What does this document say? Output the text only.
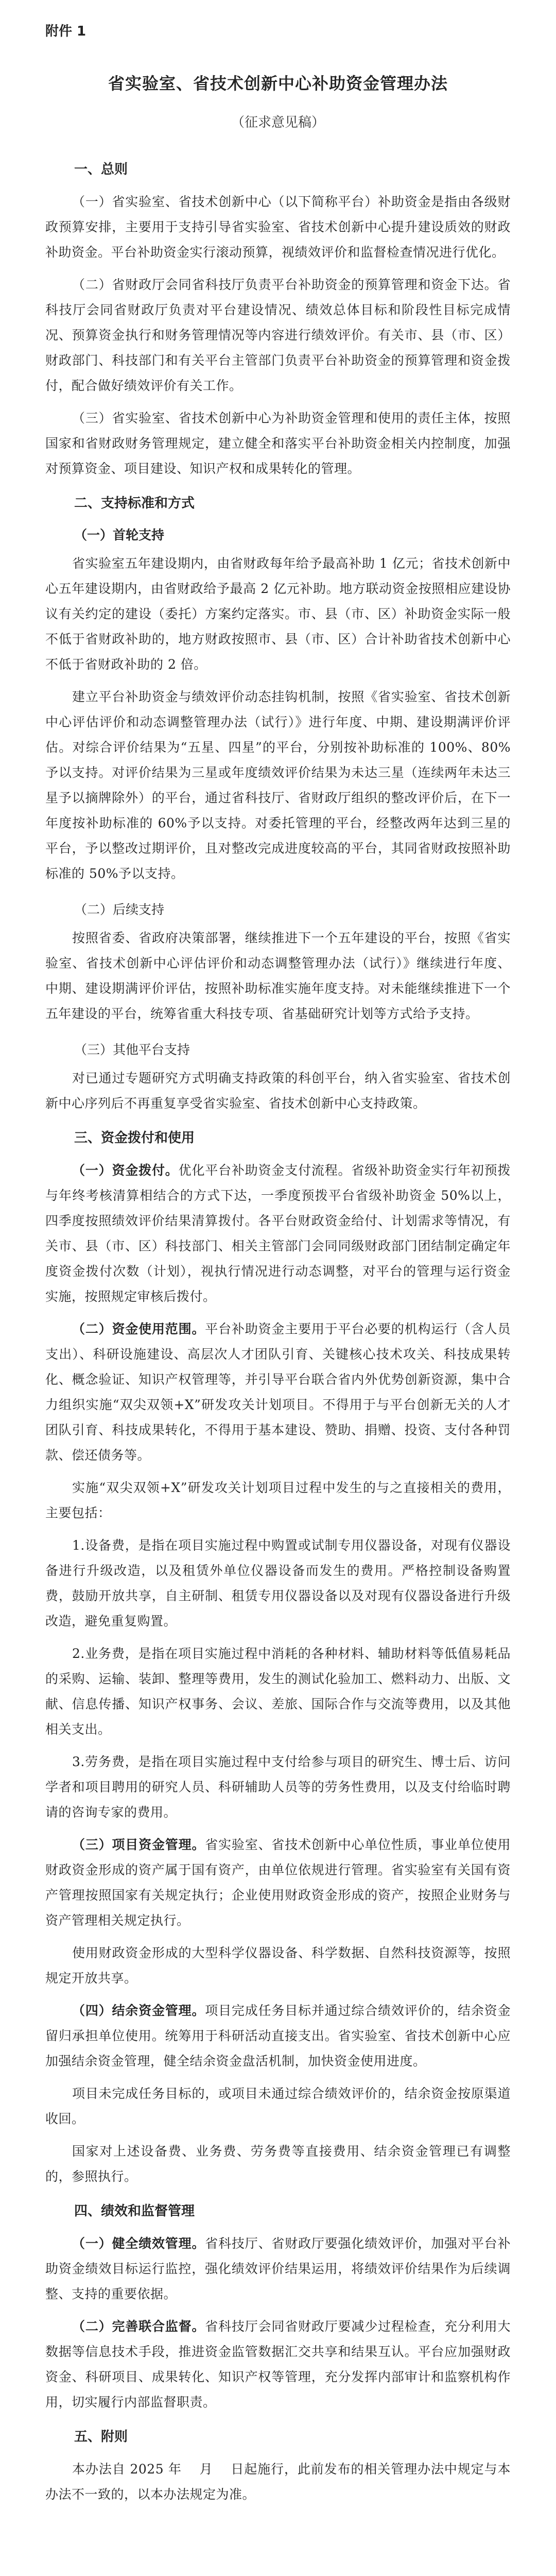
附件 1
省实验室、省技术创新中心补助资金管理办法
（征求意见稿）
一、总则

（一）省实验室、省技术创新中心（以下简称平台）补助资金是指由各级财政预算安排，主要用于支持引导省实验室、省技术创新中心提升建设质效的财政补助资金。平台补助资金实行滚动预算，视绩效评价和监督检查情况进行优化。

（二）省财政厅会同省科技厅负责平台补助资金的预算管理和资金下达。省科技厅会同省财政厅负责对平台建设情况、绩效总体目标和阶段性目标完成情况、预算资金执行和财务管理情况等内容进行绩效评价。有关市、县（市、区）财政部门、科技部门和有关平台主管部门负责平台补助资金的预算管理和资金拨付，配合做好绩效评价有关工作。

（三）省实验室、省技术创新中心为补助资金管理和使用的责任主体，按照国家和省财政财务管理规定，建立健全和落实平台补助资金相关内控制度，加强对预算资金、项目建设、知识产权和成果转化的管理。

二、支持标准和方式
（一）首轮支持

省实验室五年建设期内，由省财政每年给予最高补助 1 亿元；省技术创新中心五年建设期内，由省财政给予最高 2 亿元补助。地方联动资金按照相应建设协议有关约定的建设（委托）方案约定落实。市、县（市、区）补助资金实际一般不低于省财政补助的，地方财政按照市、县（市、区）合计补助省技术创新中心不低于省财政补助的 2 倍。

建立平台补助资金与绩效评价动态挂钩机制，按照《省实验室、省技术创新中心评估评价和动态调整管理办法（试行）》进行年度、中期、建设期满评价评估。对综合评价结果为“五星、四星”的平台，分别按补助标准的 100%、80%予以支持。对评价结果为三星或年度绩效评价结果为未达三星（连续两年未达三星予以摘牌除外）的平台，通过省科技厅、省财政厅组织的整改评价后，在下一年度按补助标准的 60%予以支持。对委托管理的平台，经整改两年达到三星的平台，予以整改过期评价，且对整改完成进度较高的平台，其同省财政按照补助标准的 50%予以支持。

（二）后续支持

按照省委、省政府决策部署，继续推进下一个五年建设的平台，按照《省实验室、省技术创新中心评估评价和动态调整管理办法（试行）》继续进行年度、中期、建设期满评价评估，按照补助标准实施年度支持。对未能继续推进下一个五年建设的平台，统筹省重大科技专项、省基础研究计划等方式给予支持。

（三）其他平台支持

对已通过专题研究方式明确支持政策的科创平台，纳入省实验室、省技术创新中心序列后不再重复享受省实验室、省技术创新中心支持政策。

三、资金拨付和使用

（一）资金拨付。优化平台补助资金支付流程。省级补助资金实行年初预拨与年终考核清算相结合的方式下达，一季度预拨平台省级补助资金 50%以上，四季度按照绩效评价结果清算拨付。各平台财政资金给付、计划需求等情况，有关市、县（市、区）科技部门、相关主管部门会同同级财政部门团结制定确定年度资金拨付次数（计划），视执行情况进行动态调整，对平台的管理与运行资金实施，按照规定审核后拨付。

（二）资金使用范围。平台补助资金主要用于平台必要的机构运行（含人员支出）、科研设施建设、高层次人才团队引育、关键核心技术攻关、科技成果转化、概念验证、知识产权管理等，并引导平台联合省内外优势创新资源，集中合力组织实施“双尖双领+X”研发攻关计划项目。不得用于与平台创新无关的人才团队引育、科技成果转化，不得用于基本建设、赞助、捐赠、投资、支付各种罚款、偿还债务等。

实施“双尖双领+X”研发攻关计划项目过程中发生的与之直接相关的费用，主要包括：

1.设备费，是指在项目实施过程中购置或试制专用仪器设备，对现有仪器设备进行升级改造，以及租赁外单位仪器设备而发生的费用。严格控制设备购置费，鼓励开放共享，自主研制、租赁专用仪器设备以及对现有仪器设备进行升级改造，避免重复购置。

2.业务费，是指在项目实施过程中消耗的各种材料、辅助材料等低值易耗品的采购、运输、装卸、整理等费用，发生的测试化验加工、燃料动力、出版、文献、信息传播、知识产权事务、会议、差旅、国际合作与交流等费用，以及其他相关支出。

3.劳务费，是指在项目实施过程中支付给参与项目的研究生、博士后、访问学者和项目聘用的研究人员、科研辅助人员等的劳务性费用，以及支付给临时聘请的咨询专家的费用。

（三）项目资金管理。省实验室、省技术创新中心单位性质，事业单位使用财政资金形成的资产属于国有资产，由单位依规进行管理。省实验室有关国有资产管理按照国家有关规定执行；企业使用财政资金形成的资产，按照企业财务与资产管理相关规定执行。

使用财政资金形成的大型科学仪器设备、科学数据、自然科技资源等，按照规定开放共享。

（四）结余资金管理。项目完成任务目标并通过综合绩效评价的，结余资金留归承担单位使用。统筹用于科研活动直接支出。省实验室、省技术创新中心应加强结余资金管理，健全结余资金盘活机制，加快资金使用进度。

项目未完成任务目标的，或项目未通过综合绩效评价的，结余资金按原渠道收回。

国家对上述设备费、业务费、劳务费等直接费用、结余资金管理已有调整的，参照执行。

四、绩效和监督管理

（一）健全绩效管理。省科技厅、省财政厅要强化绩效评价，加强对平台补助资金绩效目标运行监控，强化绩效评价结果运用，将绩效评价结果作为后续调整、支持的重要依据。

（二）完善联合监督。省科技厅会同省财政厅要减少过程检查，充分利用大数据等信息技术手段，推进资金监管数据汇交共享和结果互认。平台应加强财政资金、科研项目、成果转化、知识产权等管理，充分发挥内部审计和监察机构作用，切实履行内部监督职责。

五、附则

本办法自 2025 年　 月　 日起施行，此前发布的相关管理办法中规定与本办法不一致的，以本办法规定为准。
